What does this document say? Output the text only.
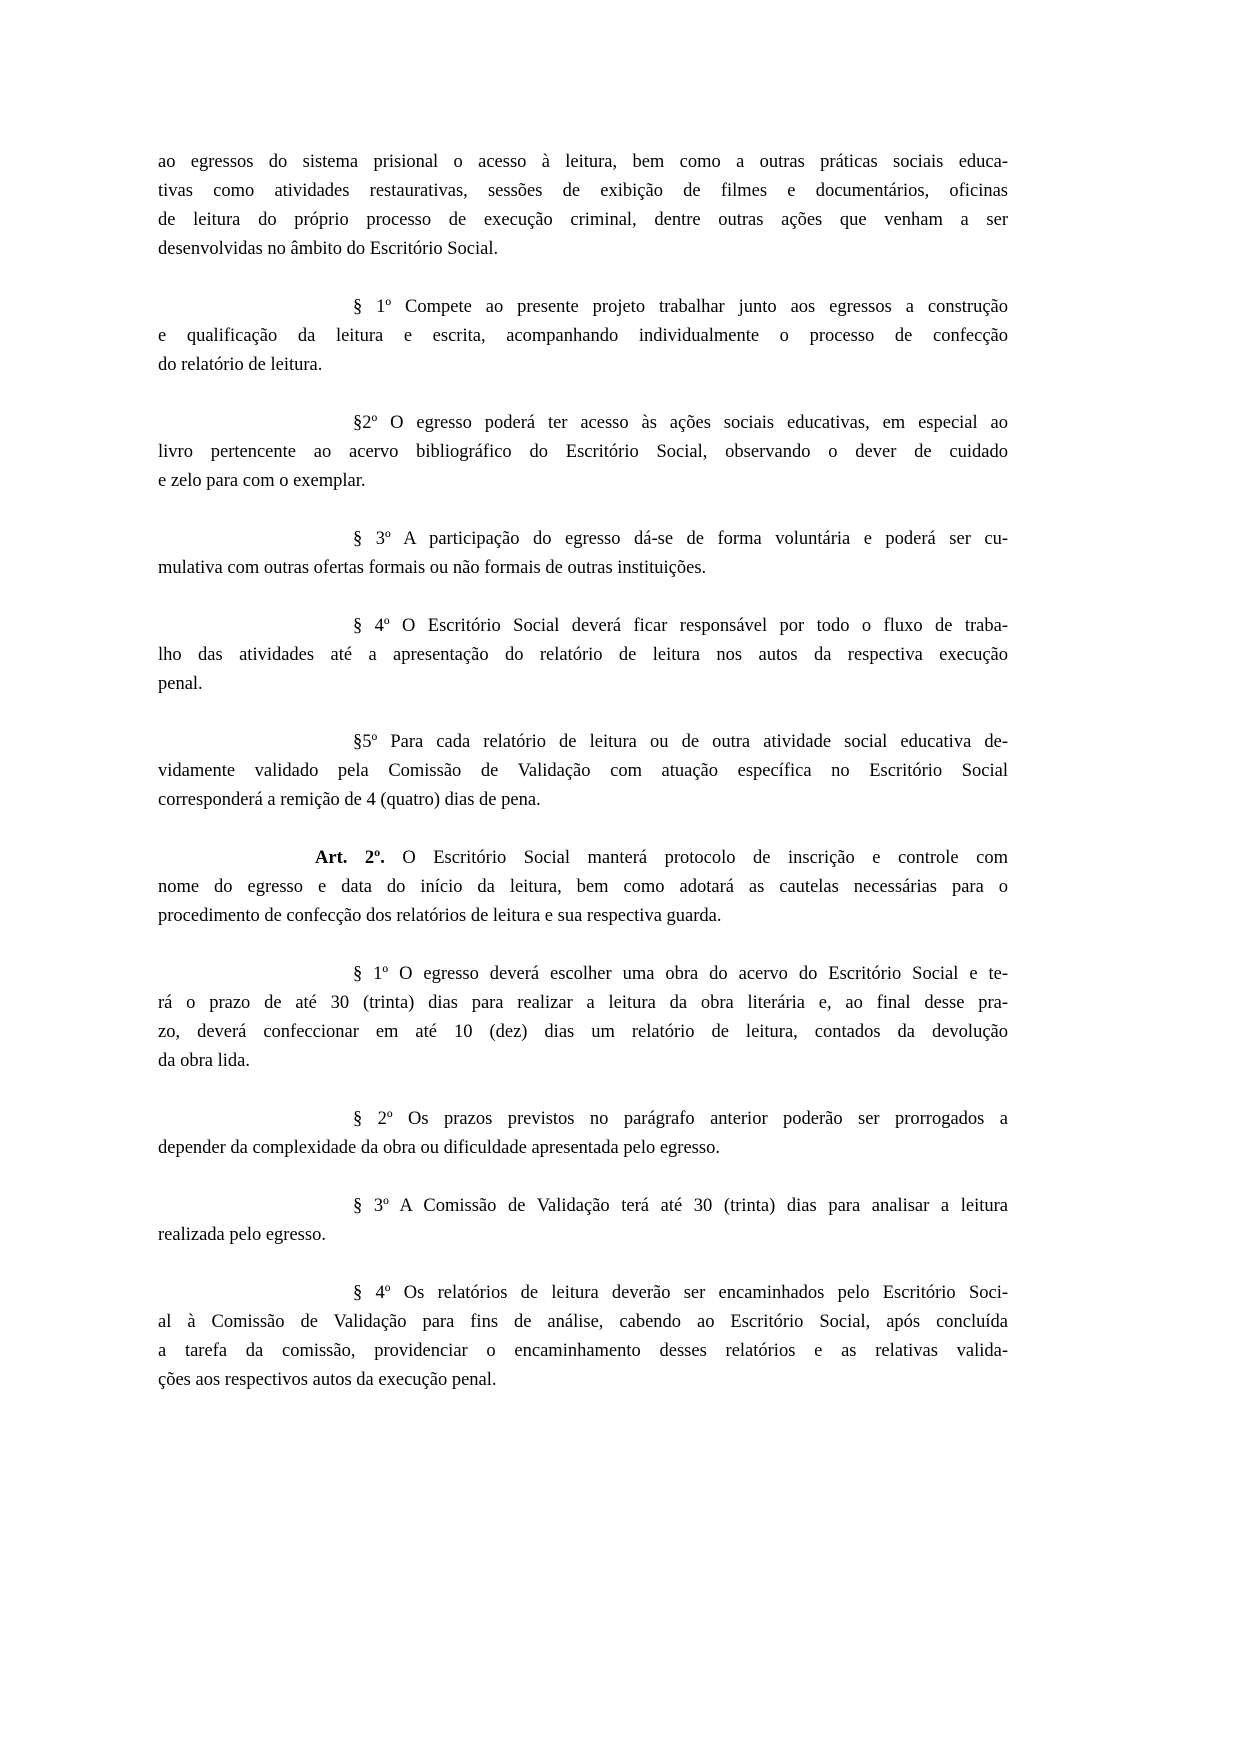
ao egressos do sistema prisional o acesso à leitura, bem como a outras práticas sociais educa-
tivas como atividades restaurativas, sessões de exibição de filmes e documentários, oficinas
de leitura do próprio processo de execução criminal, dentre outras ações que venham a ser
desenvolvidas no âmbito do Escritório Social.
§ 1º Compete ao presente projeto trabalhar junto aos egressos a construção
e qualificação da leitura e escrita, acompanhando individualmente o processo de confecção
do relatório de leitura.
§2º O egresso poderá ter acesso às ações sociais educativas, em especial ao
livro pertencente ao acervo bibliográfico do Escritório Social, observando o dever de cuidado
e zelo para com o exemplar.
§ 3º A participação do egresso dá-se de forma voluntária e poderá ser cu-
mulativa com outras ofertas formais ou não formais de outras instituições.
§ 4º O Escritório Social deverá ficar responsável por todo o fluxo de traba-
lho das atividades até a apresentação do relatório de leitura nos autos da respectiva execução
penal.
§5º Para cada relatório de leitura ou de outra atividade social educativa de-
vidamente validado pela Comissão de Validação com atuação específica no Escritório Social
corresponderá a remição de 4 (quatro) dias de pena.
Art. 2º. O Escritório Social manterá protocolo de inscrição e controle com
nome do egresso e data do início da leitura, bem como adotará as cautelas necessárias para o
procedimento de confecção dos relatórios de leitura e sua respectiva guarda.
§ 1º O egresso deverá escolher uma obra do acervo do Escritório Social e te-
rá o prazo de até 30 (trinta) dias para realizar a leitura da obra literária e, ao final desse pra-
zo, deverá confeccionar em até 10 (dez) dias um relatório de leitura, contados da devolução
da obra lida.
§ 2º Os prazos previstos no parágrafo anterior poderão ser prorrogados a
depender da complexidade da obra ou dificuldade apresentada pelo egresso.
§ 3º A Comissão de Validação terá até 30 (trinta) dias para analisar a leitura
realizada pelo egresso.
§ 4º Os relatórios de leitura deverão ser encaminhados pelo Escritório Soci-
al à Comissão de Validação para fins de análise, cabendo ao Escritório Social, após concluída
a tarefa da comissão, providenciar o encaminhamento desses relatórios e as relativas valida-
ções aos respectivos autos da execução penal.
